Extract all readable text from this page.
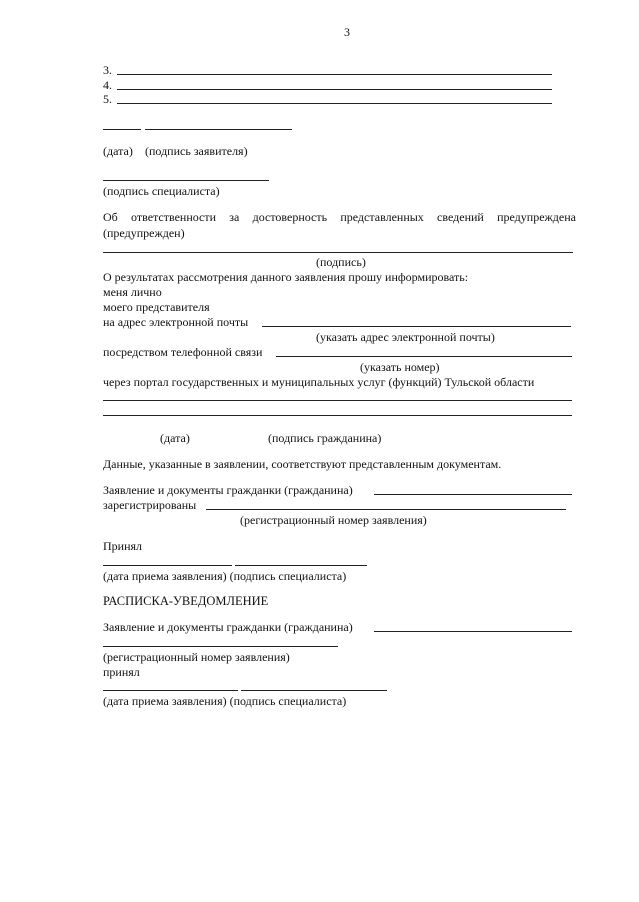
3
3.
4.
5.
(дата) (подпись заявителя)
(подпись специалиста)
Об ответственности за достоверность представленных сведений предупреждена
(предупрежден)
(подпись)
О результатах рассмотрения данного заявления прошу информировать:
меня лично
моего представителя
на адрес электронной почты
(указать адрес электронной почты)
посредством телефонной связи
(указать номер)
через портал государственных и муниципальных услуг (функций) Тульской области
(дата)	(подпись гражданина)
Данные, указанные в заявлении, соответствуют представленным документам.
Заявление и документы гражданки (гражданина)
зарегистрированы
(регистрационный номер заявления)
Принял
(дата приема заявления) (подпись специалиста)
РАСПИСКА-УВЕДОМЛЕНИЕ
Заявление и документы гражданки (гражданина)
(регистрационный номер заявления)
принял
(дата приема заявления) (подпись специалиста)
